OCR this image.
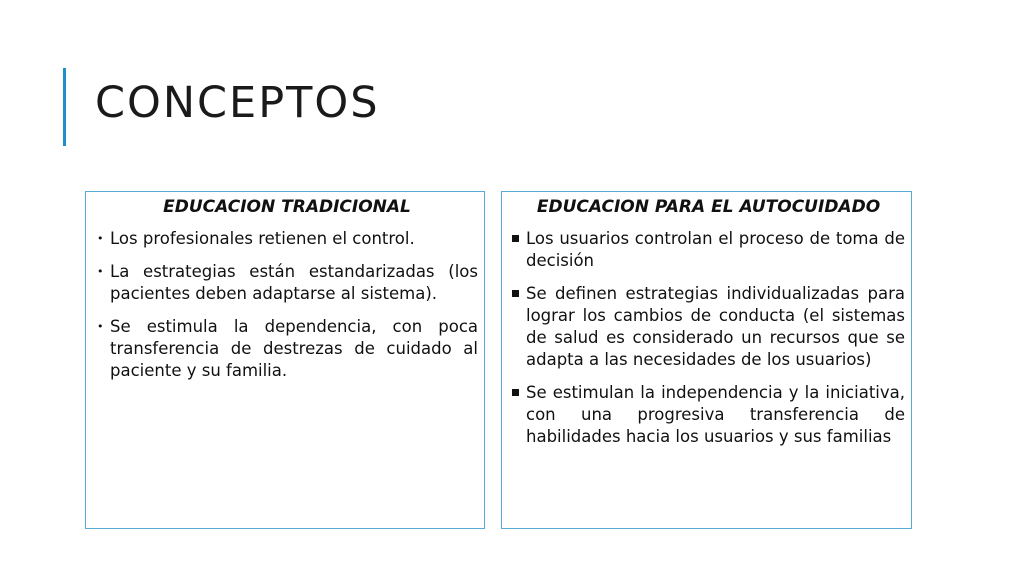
CONCEPTOS
EDUCACION TRADICIONAL
• Los profesionales retienen el control.
• La estrategias están estandarizadas (los pacientes deben adaptarse al sistema).
• Se estimula la dependencia, con poca transferencia de destrezas de cuidado al paciente y su familia.
EDUCACION PARA EL AUTOCUIDADO
Los usuarios controlan el proceso de toma de decisión
Se definen estrategias individualizadas para lograr los cambios de conducta (el sistemas de salud es considerado un recursos que se adapta a las necesidades de los usuarios)
Se estimulan la independencia y la iniciativa, con una progresiva transferencia de habilidades hacia los usuarios y sus familias
